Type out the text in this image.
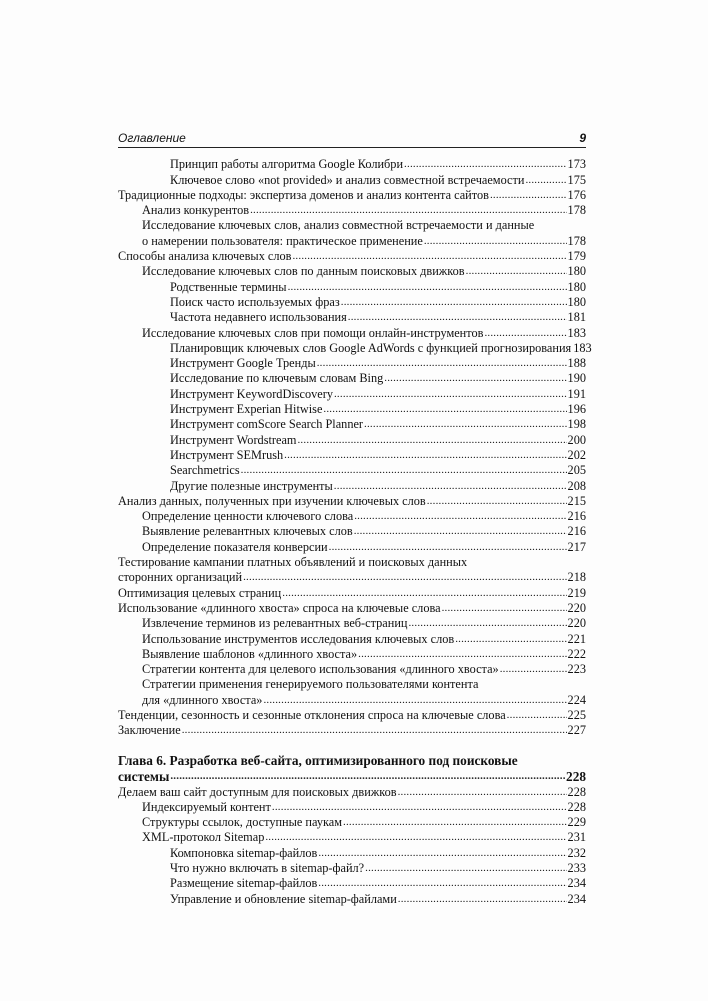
Оглавление	9
Принцип работы алгоритма Google Колибри .....	173
Ключевое слово «not provided» и анализ совместной встречаемости .....	175
Традиционные подходы: экспертиза доменов и анализ контента сайтов .....	176
Анализ конкурентов .....	178
Исследование ключевых слов, анализ совместной встречаемости и данные
о намерении пользователя: практическое применение .....	178
Способы анализа ключевых слов .....	179
Исследование ключевых слов по данным поисковых движков .....	180
Родственные термины .....	180
Поиск часто используемых фраз .....	180
Частота недавнего использования .....	181
Исследование ключевых слов при помощи онлайн-инструментов .....	183
Планировщик ключевых слов Google AdWords с функцией прогнозирования 183
Инструмент Google Тренды .....	188
Исследование по ключевым словам Bing .....	190
Инструмент KeywordDiscovery .....	191
Инструмент Experian Hitwise .....	196
Инструмент comScore Search Planner .....	198
Инструмент Wordstream .....	200
Инструмент SEMrush .....	202
Searchmetrics .....	205
Другие полезные инструменты .....	208
Анализ данных, полученных при изучении ключевых слов .....	215
Определение ценности ключевого слова .....	216
Выявление релевантных ключевых слов .....	216
Определение показателя конверсии .....	217
Тестирование кампании платных объявлений и поисковых данных
сторонних организаций .....	218
Оптимизация целевых страниц .....	219
Использование «длинного хвоста» спроса на ключевые слова .....	220
Извлечение терминов из релевантных веб-страниц .....	220
Использование инструментов исследования ключевых слов .....	221
Выявление шаблонов «длинного хвоста» .....	222
Стратегии контента для целевого использования «длинного хвоста» .....	223
Стратегии применения генерируемого пользователями контента
для «длинного хвоста» .....	224
Тенденции, сезонность и сезонные отклонения спроса на ключевые слова .....	225
Заключение .....	227
Глава 6. Разработка веб-сайта, оптимизированного под поисковые
системы .....	228
Делаем ваш сайт доступным для поисковых движков .....	228
Индексируемый контент .....	228
Структуры ссылок, доступные паукам .....	229
XML-протокол Sitemap .....	231
Компоновка sitemap-файлов .....	232
Что нужно включать в sitemap-файл? .....	233
Размещение sitemap-файлов .....	234
Управление и обновление sitemap-файлами .....	234
